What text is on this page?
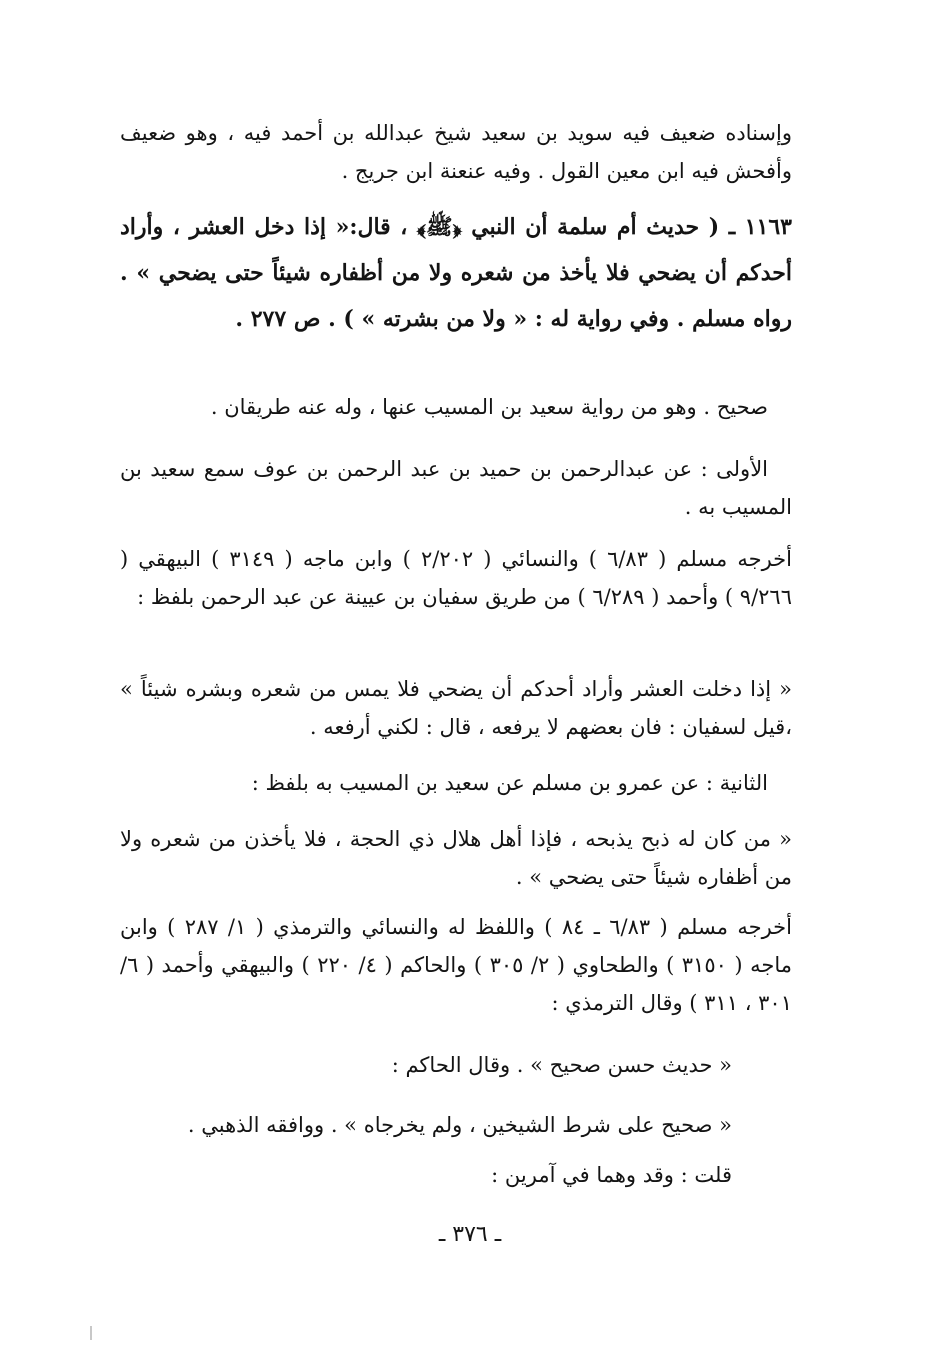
وإسناده ضعيف فيه سويد بن سعيد شيخ عبدالله بن أحمد فيه ، وهو ضعيف وأفحش فيه ابن معين القول . وفيه عنعنة ابن جريج .

١١٦٣ ـ ( حديث أم سلمة أن النبي ﴿ﷺ﴾ ، قال:« إذا دخل العشر ، وأراد أحدكم أن يضحي فلا يأخذ من شعره ولا من أظفاره شيئاً حتى يضحي » . رواه مسلم . وفي رواية له : « ولا من بشرته » ) . ص ٢٧٧ .

صحيح . وهو من رواية سعيد بن المسيب عنها ، وله عنه طريقان .

الأولى : عن عبدالرحمن بن حميد بن عبد الرحمن بن عوف سمع سعيد بن المسيب به .

أخرجه مسلم ( ٦/٨٣ ) والنسائي ( ٢/٢٠٢ ) وابن ماجه ( ٣١٤٩ ) البيهقي ( ٩/٢٦٦ ) وأحمد ( ٦/٢٨٩ ) من طريق سفيان بن عيينة عن عبد الرحمن بلفظ :

« إذا دخلت العشر وأراد أحدكم أن يضحي فلا يمس من شعره وبشره شيئاً » ،قيل لسفيان : فان بعضهم لا يرفعه ، قال : لكني أرفعه .

الثانية : عن عمرو بن مسلم عن سعيد بن المسيب به بلفظ :

« من كان له ذبح يذبحه ، فإذا أهل هلال ذي الحجة ، فلا يأخذن من شعره ولا من أظفاره شيئاً حتى يضحي » .

أخرجه مسلم ( ٦/٨٣ ـ ٨٤ ) واللفظ له والنسائي والترمذي ( ١/ ٢٨٧ ) وابن ماجه ( ٣١٥٠ ) والطحاوي ( ٢/ ٣٠٥ ) والحاكم ( ٤/ ٢٢٠ ) والبيهقي وأحمد ( ٦/ ٣٠١ ، ٣١١ ) وقال الترمذي :

« حديث حسن صحيح » . وقال الحاكم :

« صحيح على شرط الشيخين ، ولم يخرجاه » . ووافقه الذهبي .

قلت : وقد وهما في آمرين :

ـ ٣٧٦ ـ
